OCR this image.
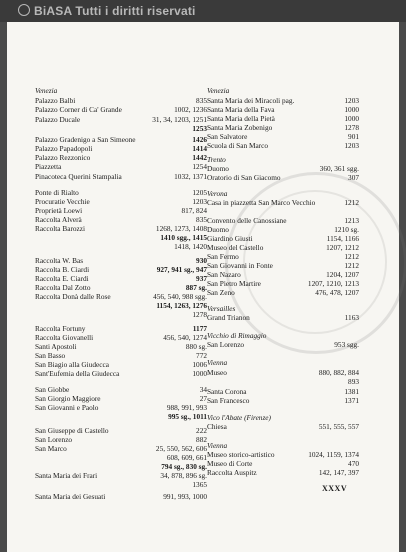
BiASA Tutti i diritti riservati
Venezia
Palazzo Balbi	835
Palazzo Corner di Ca' Grande	1002, 1236
Palazzo Ducale	31, 34, 1203, 1251
1253
Palazzo Gradenigo a San Simeone	1426
Palazzo Papadopoli	1414
Palazzo Rezzonico	1442
Piazzetta	1254
Pinacoteca Querini Stampalia	1032, 1371
Ponte di Rialto	1205
Procuratie Vecchie	1203
Proprietà Loewi	817, 824
Raccolta Alverà	835
Raccolta Barozzi	1268, 1273, 1408
1410 sgg., 1415
1418, 1420
Raccolta W. Bas	930
Raccolta B. Ciardi	927, 941 sg., 947
Raccolta E. Ciardi	937
Raccolta Dal Zotto	887 sg.
Raccolta Donà dalle Rose	456, 540, 988 sgg.
1154, 1263, 1276
1278
Raccolta Fortuny	1177
Raccolta Giovanelli	456, 540, 1274
Santi Apostoli	880 sg.
San Basso	772
San Biagio alla Giudecca	1006
Sant'Eufemia della Giudecca	1000
San Giobbe	34
San Giorgio Maggiore	27
San Giovanni e Paolo	988, 991, 993
995 sg., 1011
San Giuseppe di Castello	222
San Lorenzo	882
San Marco	25, 550, 562, 606
608, 609, 661
794 sg., 830 sg.
Santa Maria dei Frari	34, 878, 896 sg.
1365
Santa Maria dei Gesuati	991, 993, 1000
Venezia
Santa Maria dei Miracoli pag.	1203
Santa Maria della Fava	1000
Santa Maria della Pietà	1000
Santa Maria Zobenigo	1278
San Salvatore	901
Scuola di San Marco	1203
Trento
Duomo	360, 361 sgg.
Oratorio di San Giacomo	307
Verona
Casa in piazzetta San Marco Vecchio	1212
Convento delle Canossiane	1213
Duomo	1210 sg.
Giardino Giusti	1154, 1166
Museo del Castello	1207, 1212
San Fermo	1212
San Giovanni in Fonte	1212
San Nazaro	1204, 1207
San Pietro Martire	1207, 1210, 1213
San Zeno	476, 478, 1207
Versailles
Grand Trianon	1163
Vicchio di Rimaggio
San Lorenzo	953 sgg.
Vienna
Museo	880, 882, 884
893
Santa Corona	1381
San Francesco	1371
Vico l'Abate (Firenze)
Chiesa	551, 555, 557
Vienna
Museo storico-artistico	1024, 1159, 1374
Museo di Corte	470
Raccolta Auspitz	142, 147, 397
XXXV
